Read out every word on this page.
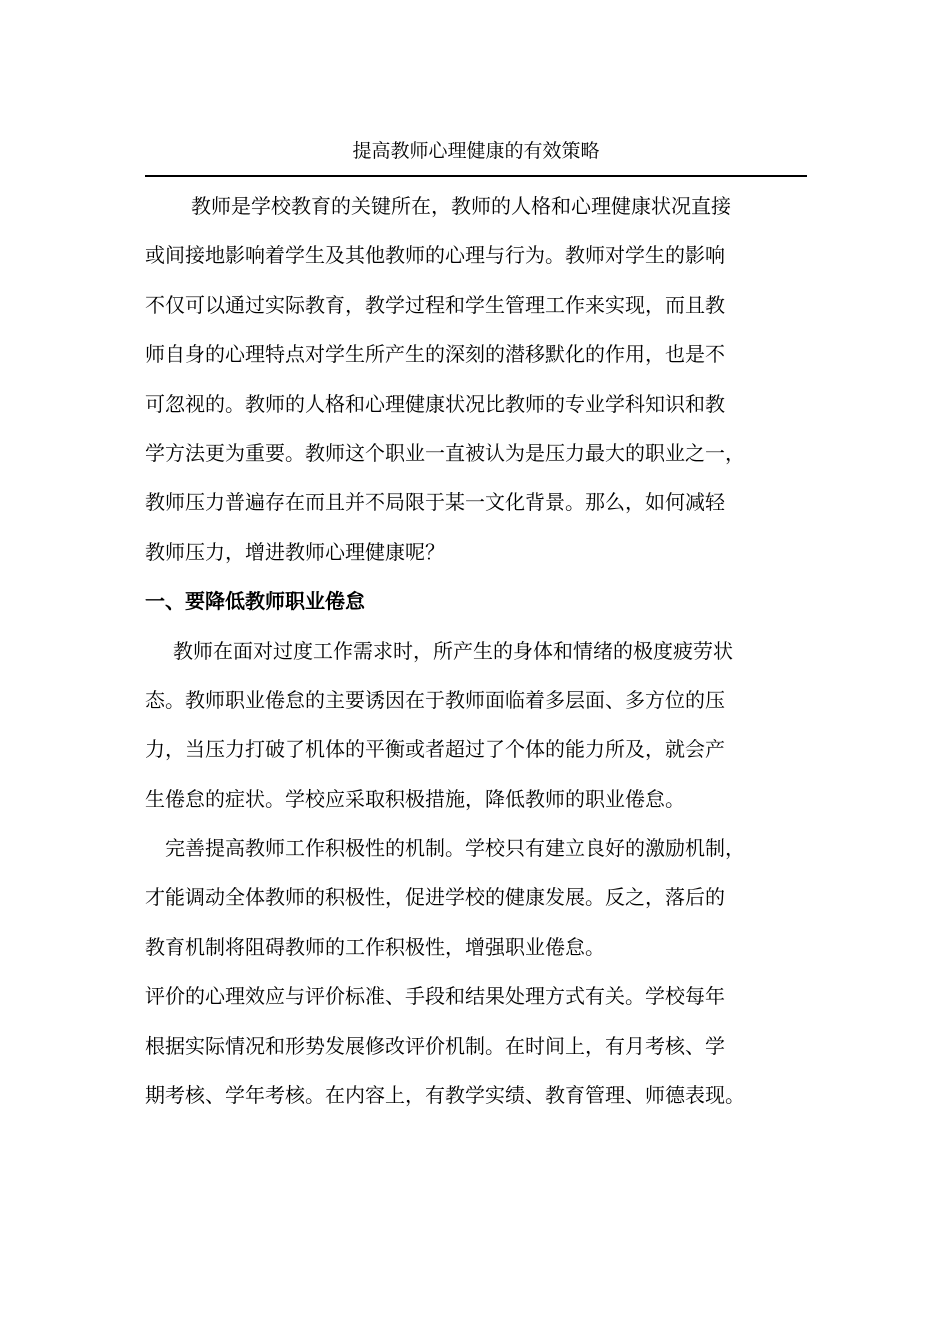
提高教师心理健康的有效策略
教师是学校教育的关键所在，教师的人格和心理健康状况直接
或间接地影响着学生及其他教师的心理与行为。教师对学生的影响
不仅可以通过实际教育，教学过程和学生管理工作来实现，而且教
师自身的心理特点对学生所产生的深刻的潜移默化的作用，也是不
可忽视的。教师的人格和心理健康状况比教师的专业学科知识和教
学方法更为重要。教师这个职业一直被认为是压力最大的职业之一，
教师压力普遍存在而且并不局限于某一文化背景。那么，如何减轻
教师压力，增进教师心理健康呢？
一、要降低教师职业倦怠
教师在面对过度工作需求时，所产生的身体和情绪的极度疲劳状
态。教师职业倦怠的主要诱因在于教师面临着多层面、多方位的压
力，当压力打破了机体的平衡或者超过了个体的能力所及，就会产
生倦怠的症状。学校应采取积极措施，降低教师的职业倦怠。
完善提高教师工作积极性的机制。学校只有建立良好的激励机制，
才能调动全体教师的积极性，促进学校的健康发展。反之，落后的
教育机制将阻碍教师的工作积极性，增强职业倦怠。
评价的心理效应与评价标准、手段和结果处理方式有关。学校每年
根据实际情况和形势发展修改评价机制。在时间上，有月考核、学
期考核、学年考核。在内容上，有教学实绩、教育管理、师德表现。
